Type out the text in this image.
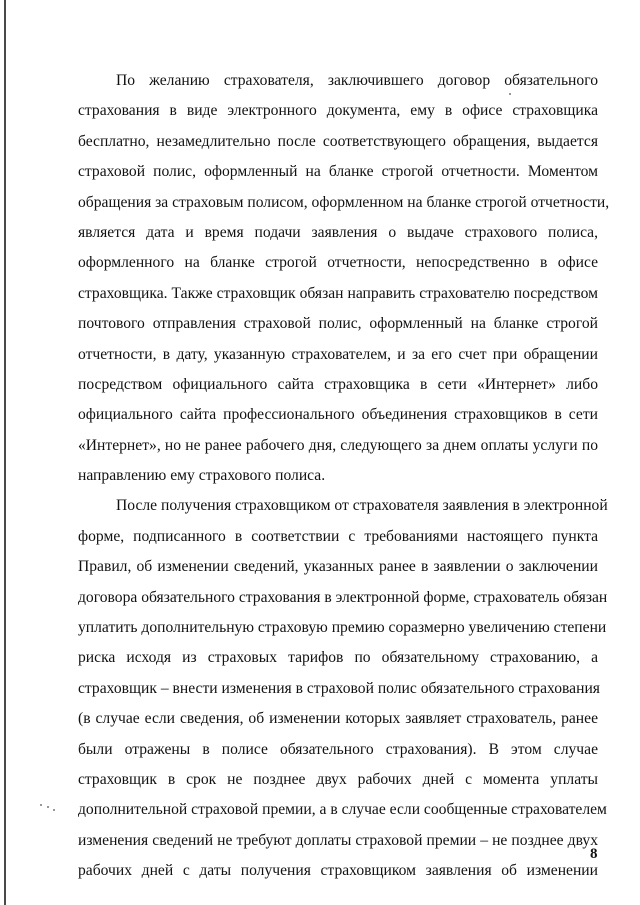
По желанию страхователя, заключившего договор обязательного
страхования в виде электронного документа, ему в офисе страховщика
бесплатно, незамедлительно после соответствующего обращения, выдается
страховой полис, оформленный на бланке строгой отчетности. Моментом
обращения за страховым полисом, оформленном на бланке строгой отчетности,
является дата и время подачи заявления о выдаче страхового полиса,
оформленного на бланке строгой отчетности, непосредственно в офисе
страховщика. Также страховщик обязан направить страхователю посредством
почтового отправления страховой полис, оформленный на бланке строгой
отчетности, в дату, указанную страхователем, и за его счет при обращении
посредством официального сайта страховщика в сети «Интернет» либо
официального сайта профессионального объединения страховщиков в сети
«Интернет», но не ранее рабочего дня, следующего за днем оплаты услуги по
направлению ему страхового полиса.
После получения страховщиком от страхователя заявления в электронной
форме, подписанного в соответствии с требованиями настоящего пункта
Правил, об изменении сведений, указанных ранее в заявлении о заключении
договора обязательного страхования в электронной форме, страхователь обязан
уплатить дополнительную страховую премию соразмерно увеличению степени
риска исходя из страховых тарифов по обязательному страхованию, а
страховщик – внести изменения в страховой полис обязательного страхования
(в случае если сведения, об изменении которых заявляет страхователь, ранее
были отражены в полисе обязательного страхования). В этом случае
страховщик в срок не позднее двух рабочих дней с момента уплаты
дополнительной страховой премии, а в случае если сообщенные страхователем
изменения сведений не требуют доплаты страховой премии – не позднее двух
рабочих дней с даты получения страховщиком заявления об изменении
8
